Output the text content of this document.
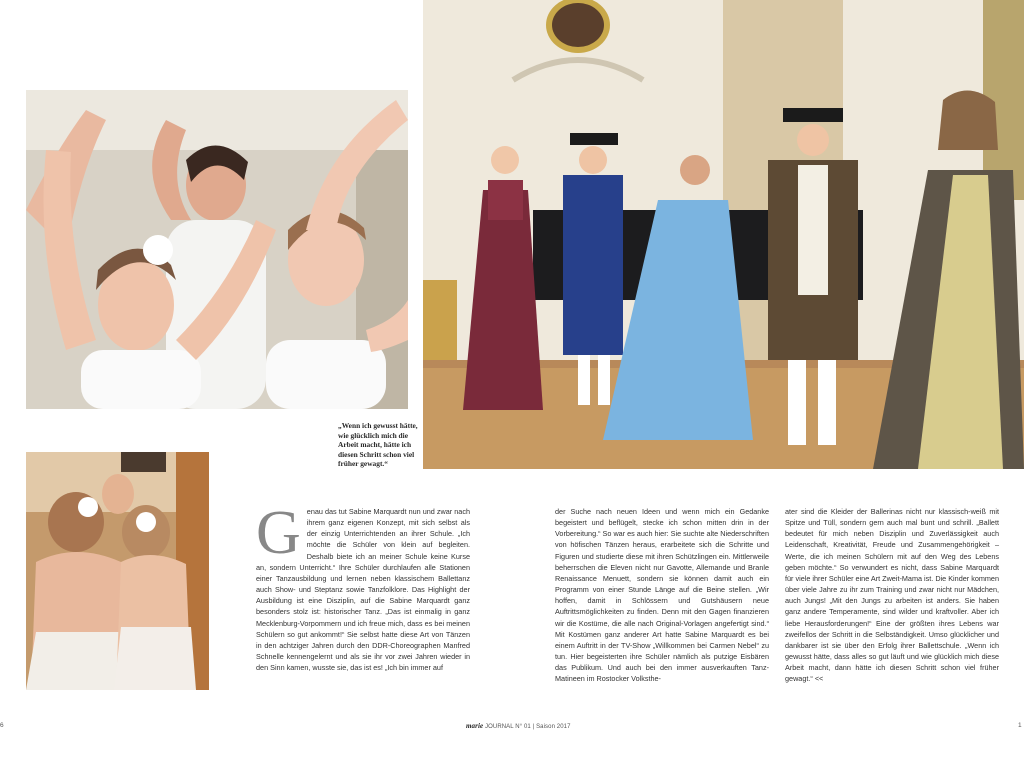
„Wenn ich gewusst hätte, wie glücklich mich die Arbeit macht, hätte ich diesen Schritt schon viel früher gewagt.“
G enau das tut Sabine Marquardt nun und zwar nach ihrem ganz eigenen Konzept, mit sich selbst als der einzig Unterrichtenden an ihrer Schule. „Ich möchte die Schüler von klein auf begleiten. Deshalb biete ich an meiner Schule keine Kurse an, sondern Unterricht.“ Ihre Schüler durchlaufen alle Stationen einer Tanzausbildung und lernen neben klassischem Ballettanz auch Show- und Steptanz sowie Tanzfolklore. Das Highlight der Ausbildung ist eine Disziplin, auf die Sabine Marquardt ganz besonders stolz ist: historischer Tanz. „Das ist einmalig in ganz Mecklenburg-Vorpommern und ich freue mich, dass es bei meinen Schülern so gut ankommt!“ Sie selbst hatte diese Art von Tänzen in den achtziger Jahren durch den DDR-Choreographen Manfred Schnelle kennengelernt und als sie ihr vor zwei Jahren wieder in den Sinn kamen, wusste sie, das ist es! „Ich bin immer auf

der Suche nach neuen Ideen und wenn mich ein Gedanke begeistert und beflügelt, stecke ich schon mitten drin in der Vorbereitung.“ So war es auch hier: Sie suchte alte Niederschriften von höfischen Tänzen heraus, erarbeitete sich die Schritte und Figuren und studierte diese mit ihren Schützlingen ein. Mittlerweile beherrschen die Eleven nicht nur Gavotte, Allemande und Branle Renaissance Menuett, sondern sie können damit auch ein Programm von einer Stunde Länge auf die Beine stellen. „Wir hoffen, damit in Schlössern und Gutshäusern neue Auftrittsmöglichkeiten zu finden. Denn mit den Gagen finanzieren wir die Kostüme, die alle nach Original-Vorlagen angefertigt sind.“ Mit Kostümen ganz anderer Art hatte Sabine Marquardt es bei einem Auftritt in der TV-Show „Willkommen bei Carmen Nebel“ zu tun. Hier begeisterten ihre Schüler nämlich als putzige Eisbären das Publikum. Und auch bei den immer ausverkauften Tanz-Matineen im Rostocker Volksthe-

ater sind die Kleider der Ballerinas nicht nur klassisch-weiß mit Spitze und Tüll, sondern gern auch mal bunt und schrill. „Ballett bedeutet für mich neben Disziplin und Zuverlässigkeit auch Leidenschaft, Kreativität, Freude und Zusammengehörigkeit – Werte, die ich meinen Schülern mit auf den Weg des Lebens geben möchte.“ So verwundert es nicht, dass Sabine Marquardt für viele ihrer Schüler eine Art Zweit-Mama ist. Die Kinder kommen über viele Jahre zu ihr zum Training und zwar nicht nur Mädchen, auch Jungs! „Mit den Jungs zu arbeiten ist anders. Sie haben ganz andere Temperamente, sind wilder und kraftvoller. Aber ich liebe Herausforderungen!“ Eine der größten ihres Lebens war zweifellos der Schritt in die Selbständigkeit. Umso glücklicher und dankbarer ist sie über den Erfolg ihrer Ballettschule. „Wenn ich gewusst hätte, dass alles so gut läuft und wie glücklich mich diese Arbeit macht, dann hätte ich diesen Schritt schon viel früher gewagt.“ <<

6	marie JOURNAL N° 01 | Saison 2017	1
